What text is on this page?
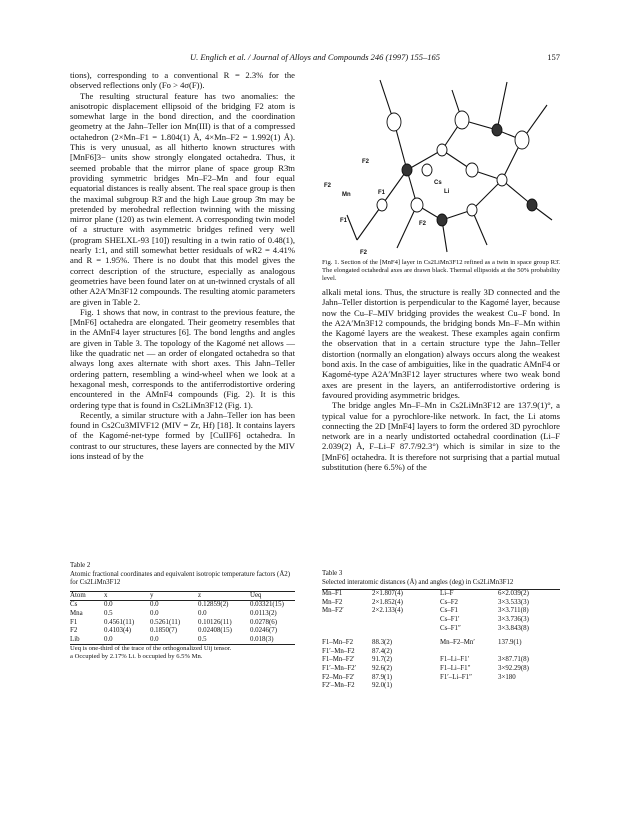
U. Englich et al. / Journal of Alloys and Compounds 246 (1997) 155–165	157

tions), corresponding to a conventional R = 2.3% for the observed reflections only (Fo > 4σ(F)).

The resulting structural feature has two anomalies: the anisotropic displacement ellipsoid of the bridging F2 atom is somewhat large in the bond direction, and the coordination geometry at the Jahn–Teller ion Mn(III) is that of a compressed octahedron (2×Mn–F1 = 1.804(1) Å, 4×Mn–F2 = 1.992(1) Å). This is very unusual, as all hitherto known structures with [MnF6]3− units show strongly elongated octahedra. Thus, it seemed probable that the mirror plane of space group R3̄m providing symmetric bridges Mn–F2–Mn and four equal equatorial distances is really absent. The real space group is then the maximal subgroup R3̄ and the high Laue group 3̄m may be pretended by merohedral reflection twinning with the missing mirror plane (120) as twin element. A corresponding twin model of a structure with asymmetric bridges refined very well (program SHELXL-93 [10]) resulting in a twin ratio of 0.48(1), nearly 1:1, and still somewhat better residuals of wR2 = 4.41% and R = 1.95%. There is no doubt that this model gives the correct description of the structure, especially as analogous geometries have been found later on at un-twinned crystals of all other A2A′Mn3F12 compounds. The resulting atomic parameters are given in Table 2.

Fig. 1 shows that now, in contrast to the previous feature, the [MnF6] octahedra are elongated. Their geometry resembles that in the AMnF4 layer structures [6]. The bond lengths and angles are given in Table 3. The topology of the Kagomé net allows — like the quadratic net — an order of elongated octahedra so that always long axes alternate with short axes. This Jahn–Teller ordering pattern, resembling a wind-wheel when we look at a hexagonal mesh, corresponds to the antiferrodistortive ordering encountered in the AMnF4 compounds (Fig. 2). It is this ordering type that is found in Cs2LiMn3F12 (Fig. 1).

Recently, a similar structure with a Jahn–Teller ion has been found in Cs2Cu3MIVF12 (MIV = Zr, Hf) [18]. It contains layers of the Kagomé-net-type formed by [CuIIF6] octahedra. In contrast to our structures, these layers are connected by the MIV ions instead of by the

F2
Cs
F2
Mn	F1	Li
F2
F1
F2
Fig. 1. Section of the [MnF4] layer in Cs2LiMn3F12 refined as a twin in space group R3̄. The elongated octahedral axes are drawn black. Thermal ellipsoids at the 50% probability level.

alkali metal ions. Thus, the structure is really 3D connected and the Jahn–Teller distortion is perpendicular to the Kagomé layer, because now the Cu–F–MIV bridging provides the weakest Cu–F bond. In the A2A′Mn3F12 compounds, the bridging bonds Mn–F–Mn within the Kagomé layers are the weakest. These examples again confirm the observation that in a certain structure type the Jahn–Teller distortion (normally an elongation) always occurs along the weakest bond axis. In the case of ambiguities, like in the quadratic AMnF4 or Kagomé-type A2A′Mn3F12 layer structures where two weak bond axes are present in the layers, an antiferrodistortive ordering is favoured providing asymmetric bridges.

The bridge angles Mn–F–Mn in Cs2LiMn3F12 are 137.9(1)°, a typical value for a pyrochlore-like network. In fact, the Li atoms connecting the 2D [MnF4] layers to form the ordered 3D pyrochlore network are in a nearly undistorted octahedral coordination (Li–F 2.039(2) Å, F–Li–F 87.7/92.3°) which is similar in size to the [MnF6] octahedra. It is therefore not surprising that a partial mutual substitution (here 6.5%) of the

Table 2

Atomic fractional coordinates and equivalent isotropic temperature factors (Å2) for Cs2LiMn3F12

Atom	x	y	z	Ueq

Cs	0.0	0.0	0.12859(2)	0.03321(15)
Mna	0.5	0.0	0.0	0.0113(2)
F1	0.4561(11)	0.5261(11)	0.10126(11)	0.0278(6)
F2	0.4103(4)	0.1850(7)	0.02408(15)	0.0246(7)
Lib	0.0	0.0	0.5	0.018(3)

Ueq is one-third of the trace of the orthogonalized Uij tensor.

a Occupied by 2.17% Li. b occupied by 6.5% Mn.

Table 3

Selected interatomic distances (Å) and angles (deg) in Cs2LiMn3F12

Mn–F1	2×1.807(4)	Li–F	6×2.039(2)
Mn–F2	2×1.852(4)	Cs–F2	3×3.533(3)
Mn–F2′	2×2.133(4)	Cs–F1	3×3.711(8)
		Cs–F1′	3×3.736(3)
		Cs–F1″	3×3.843(8)

F1–Mn–F2	88.3(2)	Mn–F2–Mn′	137.9(1)
F1′–Mn–F2	87.4(2)		
F1–Mn–F2′	91.7(2)	F1–Li–F1′	3×87.71(8)
F1′–Mn–F2′	92.6(2)	F1–Li–F1″	3×92.29(8)
F2–Mn–F2′	87.9(1)	F1′–Li–F1″	3×180
F2′–Mn–F2	92.0(1)		
